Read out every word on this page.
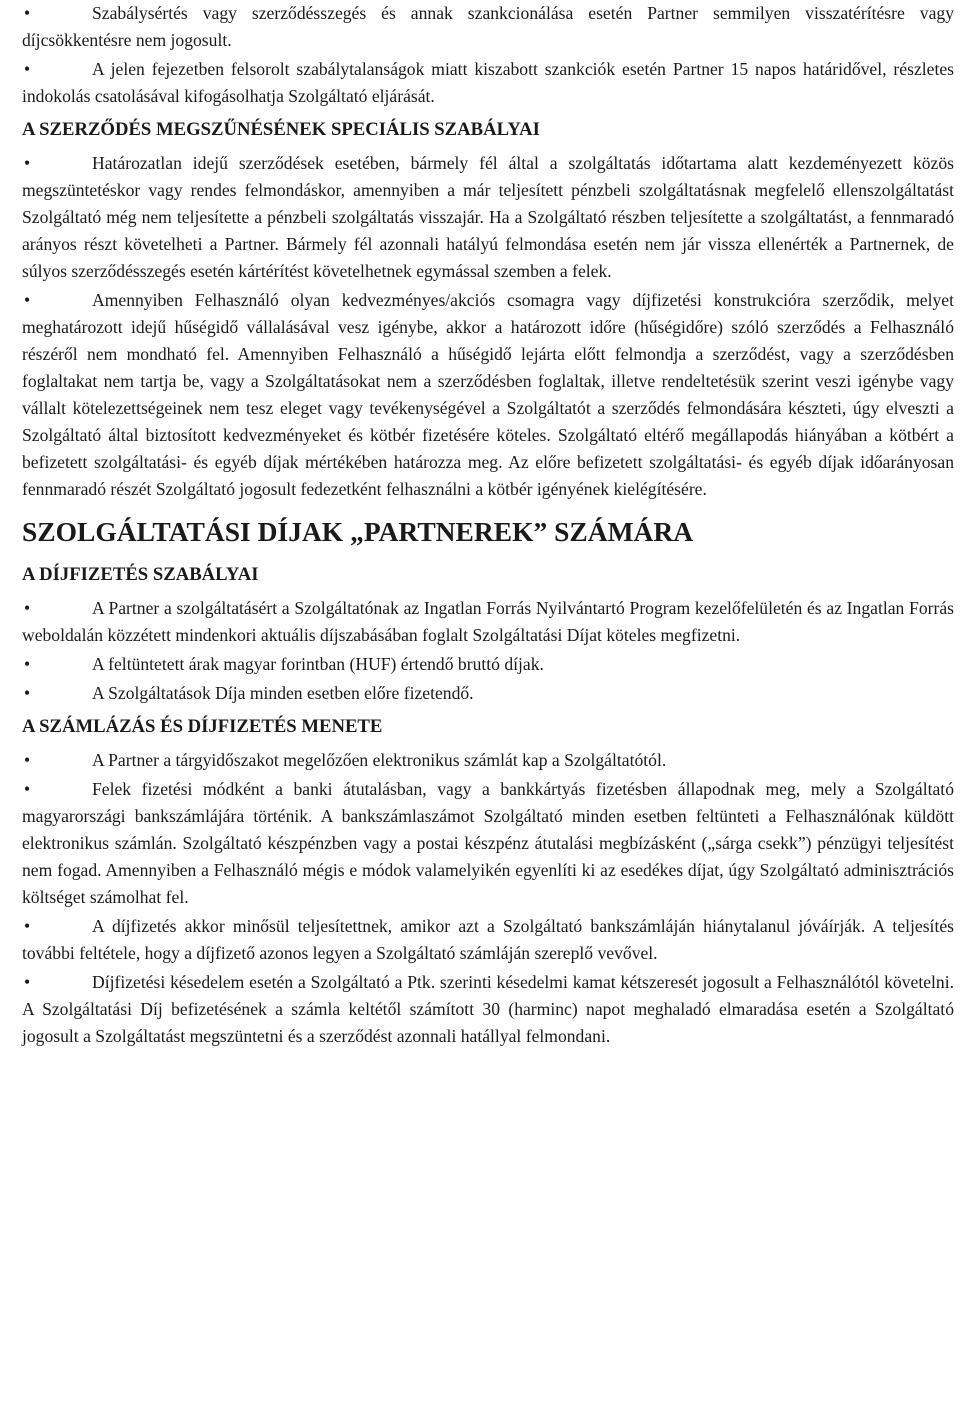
• Szabálysértés vagy szerződésszegés és annak szankcionálása esetén Partner semmilyen visszatérítésre vagy díjcsökkentésre nem jogosult.

• A jelen fejezetben felsorolt szabálytalanságok miatt kiszabott szankciók esetén Partner 15 napos határidővel, részletes indokolás csatolásával kifogásolhatja Szolgáltató eljárását.

A SZERZŐDÉS MEGSZŰNÉSÉNEK SPECIÁLIS SZABÁLYAI

• Határozatlan idejű szerződések esetében, bármely fél által a szolgáltatás időtartama alatt kezdeményezett közös megszüntetéskor vagy rendes felmondáskor, amennyiben a már teljesített pénzbeli szolgáltatásnak megfelelő ellenszolgáltatást Szolgáltató még nem teljesítette a pénzbeli szolgáltatás visszajár. Ha a Szolgáltató részben teljesítette a szolgáltatást, a fennmaradó arányos részt követelheti a Partner. Bármely fél azonnali hatályú felmondása esetén nem jár vissza ellenérték a Partnernek, de súlyos szerződésszegés esetén kártérítést követelhetnek egymással szemben a felek.

• Amennyiben Felhasználó olyan kedvezményes/akciós csomagra vagy díjfizetési konstrukcióra szerződik, melyet meghatározott idejű hűségidő vállalásával vesz igénybe, akkor a határozott időre (hűségidőre) szóló szerződés a Felhasználó részéről nem mondható fel. Amennyiben Felhasználó a hűségidő lejárta előtt felmondja a szerződést, vagy a szerződésben foglaltakat nem tartja be, vagy a Szolgáltatásokat nem a szerződésben foglaltak, illetve rendeltetésük szerint veszi igénybe vagy vállalt kötelezettségeinek nem tesz eleget vagy tevékenységével a Szolgáltatót a szerződés felmondására készteti, úgy elveszti a Szolgáltató által biztosított kedvezményeket és kötbér fizetésére köteles. Szolgáltató eltérő megállapodás hiányában a kötbért a befizetett szolgáltatási- és egyéb díjak mértékében határozza meg. Az előre befizetett szolgáltatási- és egyéb díjak időarányosan fennmaradó részét Szolgáltató jogosult fedezetként felhasználni a kötbér igényének kielégítésére.

SZOLGÁLTATÁSI DÍJAK „PARTNEREK” SZÁMÁRA
A DÍJFIZETÉS SZABÁLYAI

• A Partner a szolgáltatásért a Szolgáltatónak az Ingatlan Forrás Nyilvántartó Program kezelőfelületén és az Ingatlan Forrás weboldalán közzétett mindenkori aktuális díjszabásában foglalt Szolgáltatási Díjat köteles megfizetni.

• A feltüntetett árak magyar forintban (HUF) értendő bruttó díjak.

• A Szolgáltatások Díja minden esetben előre fizetendő.

A SZÁMLÁZÁS ÉS DÍJFIZETÉS MENETE

• A Partner a tárgyidőszakot megelőzően elektronikus számlát kap a Szolgáltatótól.

• Felek fizetési módként a banki átutalásban, vagy a bankkártyás fizetésben állapodnak meg, mely a Szolgáltató magyarországi bankszámlájára történik. A bankszámlaszámot Szolgáltató minden esetben feltünteti a Felhasználónak küldött elektronikus számlán. Szolgáltató készpénzben vagy a postai készpénz átutalási megbízásként („sárga csekk”) pénzügyi teljesítést nem fogad. Amennyiben a Felhasználó mégis e módok valamelyikén egyenlíti ki az esedékes díjat, úgy Szolgáltató adminisztrációs költséget számolhat fel.

• A díjfizetés akkor minősül teljesítettnek, amikor azt a Szolgáltató bankszámláján hiánytalanul jóváírják. A teljesítés további feltétele, hogy a díjfizető azonos legyen a Szolgáltató számláján szereplő vevővel.

• Díjfizetési késedelem esetén a Szolgáltató a Ptk. szerinti késedelmi kamat kétszeresét jogosult a Felhasználótól követelni. A Szolgáltatási Díj befizetésének a számla keltétől számított 30 (harminc) napot meghaladó elmaradása esetén a Szolgáltató jogosult a Szolgáltatást megszüntetni és a szerződést azonnali hatállyal felmondani.
